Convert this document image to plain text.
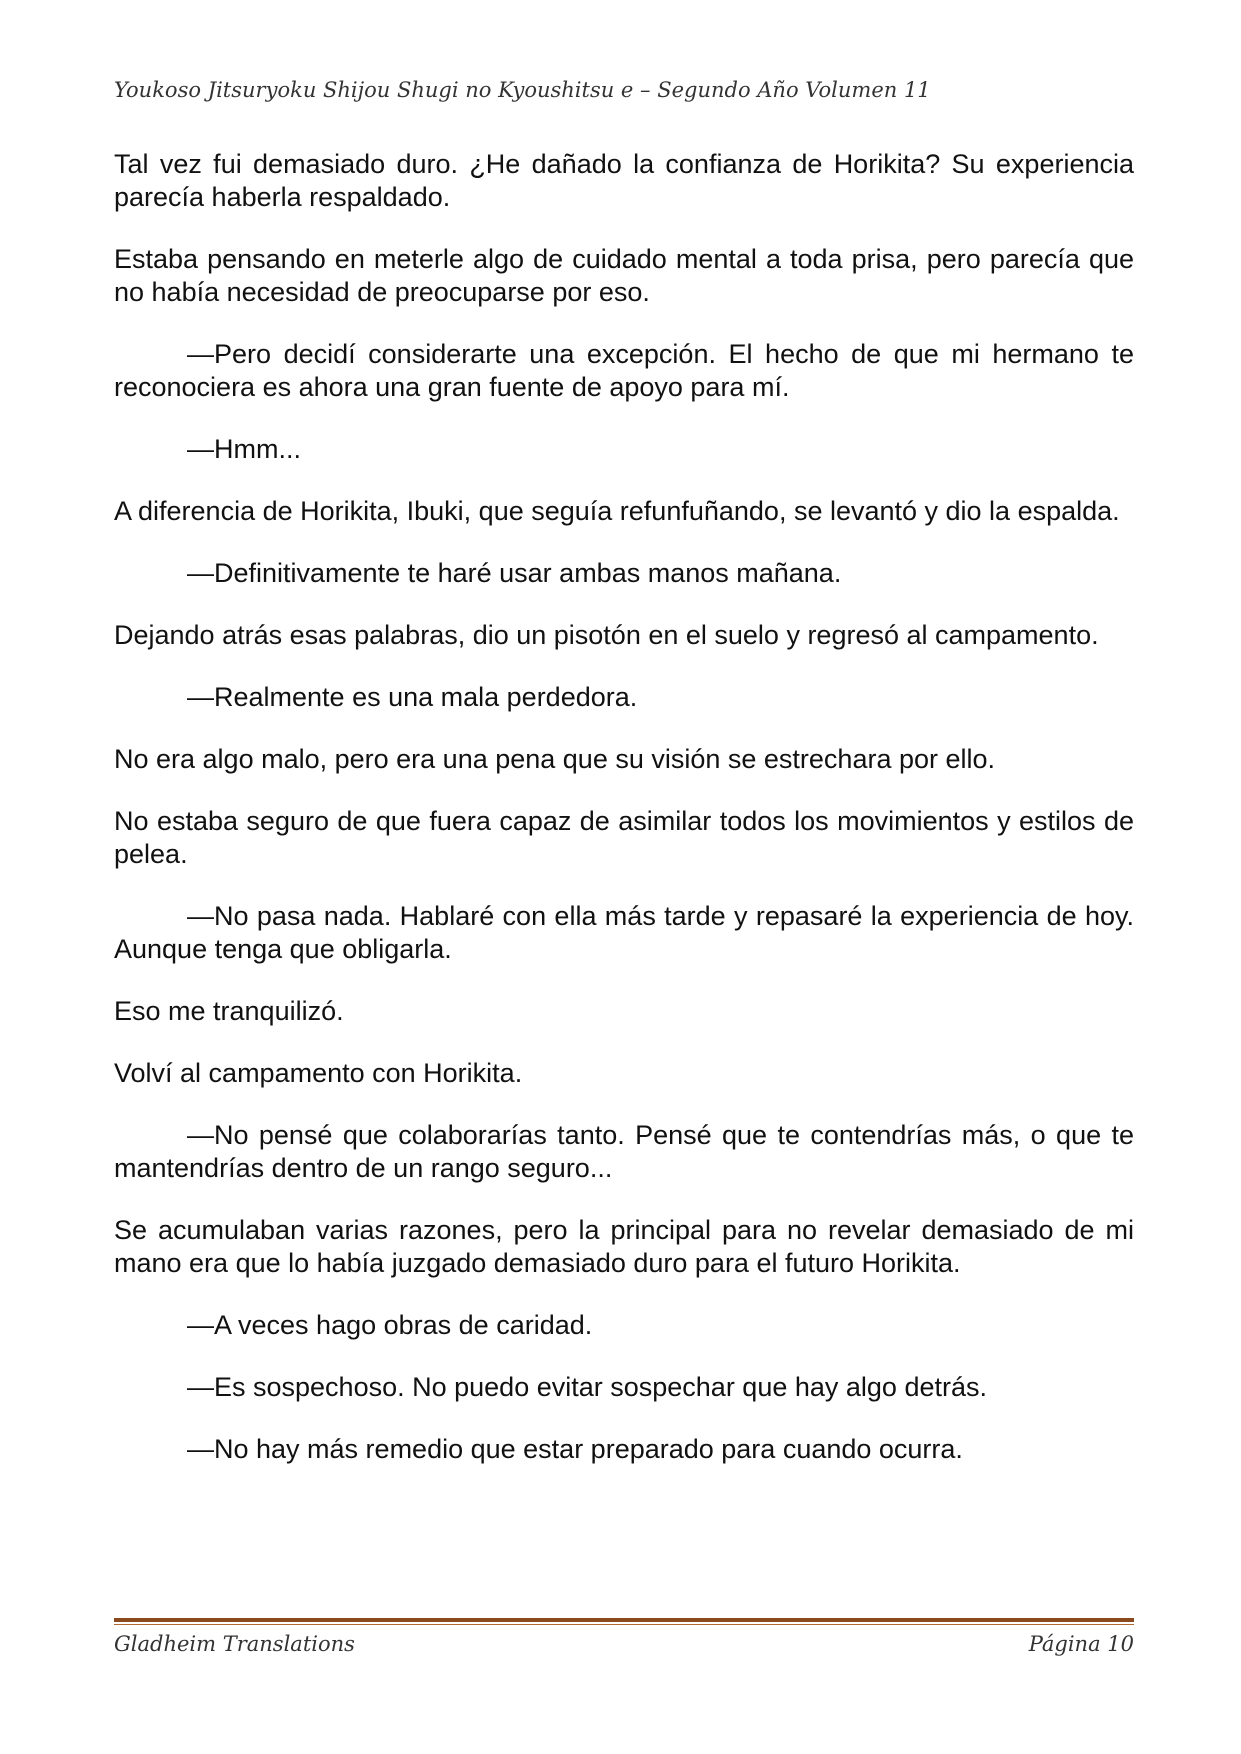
Youkoso Jitsuryoku Shijou Shugi no Kyoushitsu e – Segundo Año Volumen 11

Tal vez fui demasiado duro. ¿He dañado la confianza de Horikita? Su experiencia parecía haberla respaldado.

Estaba pensando en meterle algo de cuidado mental a toda prisa, pero parecía que no había necesidad de preocuparse por eso.

—Pero decidí considerarte una excepción. El hecho de que mi hermano te reconociera es ahora una gran fuente de apoyo para mí.

—Hmm...

A diferencia de Horikita, Ibuki, que seguía refunfuñando, se levantó y dio la espalda.

—Definitivamente te haré usar ambas manos mañana.

Dejando atrás esas palabras, dio un pisotón en el suelo y regresó al campamento.

—Realmente es una mala perdedora.

No era algo malo, pero era una pena que su visión se estrechara por ello.

No estaba seguro de que fuera capaz de asimilar todos los movimientos y estilos de pelea.

—No pasa nada. Hablaré con ella más tarde y repasaré la experiencia de hoy. Aunque tenga que obligarla.

Eso me tranquilizó.

Volví al campamento con Horikita.

—No pensé que colaborarías tanto. Pensé que te contendrías más, o que te mantendrías dentro de un rango seguro...

Se acumulaban varias razones, pero la principal para no revelar demasiado de mi mano era que lo había juzgado demasiado duro para el futuro Horikita.

—A veces hago obras de caridad.

—Es sospechoso. No puedo evitar sospechar que hay algo detrás.

—No hay más remedio que estar preparado para cuando ocurra.

Gladheim Translations	Página 10
